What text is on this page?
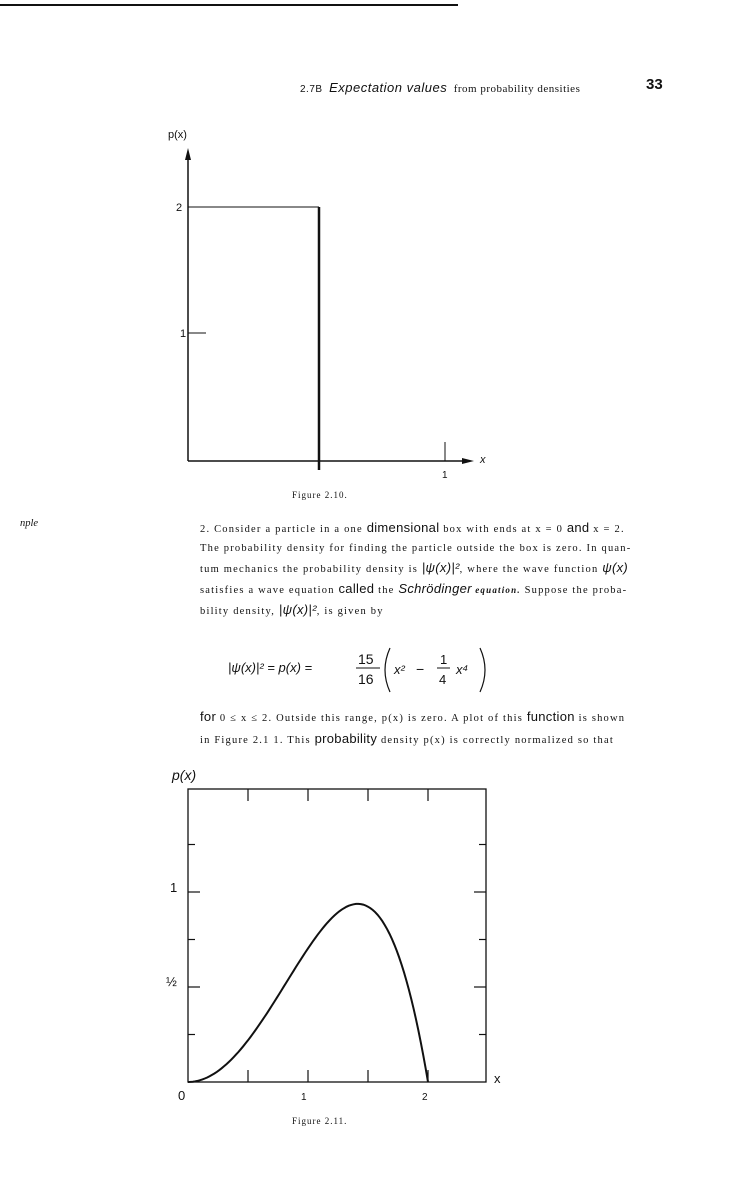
2.7B Expectation values from probability densities	33
p(x)
x
2
1
1
Figure 2.10.
nple
2. Consider a particle in a one dimensional box with ends at x = 0 and x = 2.
The probability density for finding the particle outside the box is zero. In quan-
tum mechanics the probability density is |ψ(x)|², where the wave function ψ(x)
satisfies a wave equation called the Schrödinger equation. Suppose the proba-
bility density, |ψ(x)|², is given by
|ψ(x)|² = p(x) =
15
16
x² −
1
4
x⁴
for 0 ≤ x ≤ 2. Outside this range, p(x) is zero. A plot of this function is shown
in Figure 2.1 1. This probability density p(x) is correctly normalized so that
p(x)
1
½
0	1	2
x
Figure 2.11.
